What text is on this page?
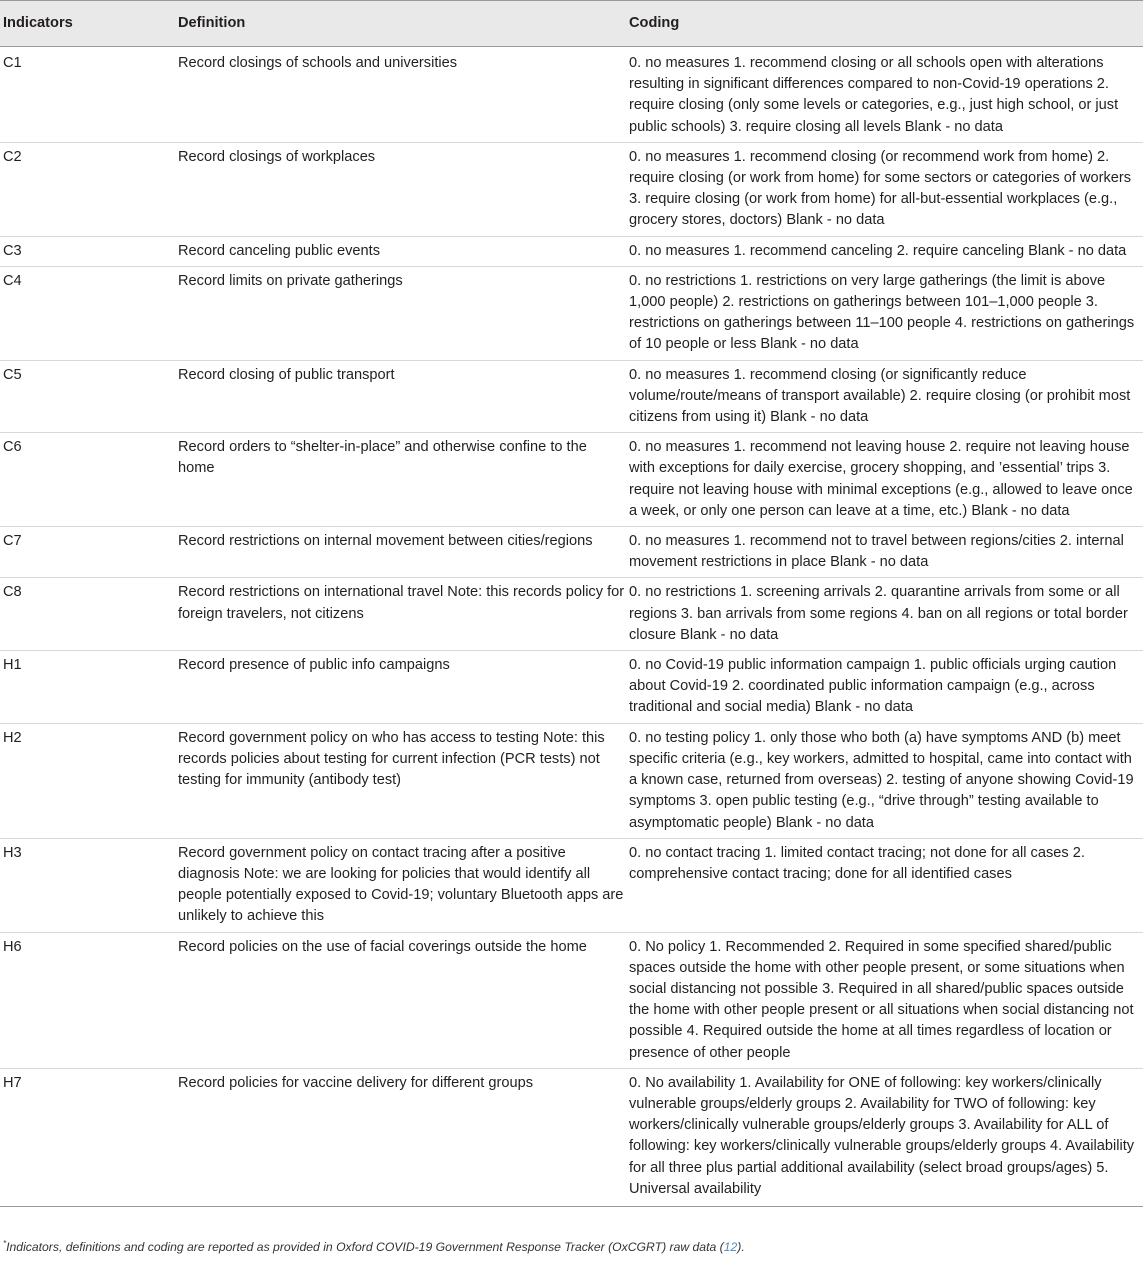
Indicators	Definition	Coding
C1	Record closings of schools and universities	0. no measures 1. recommend closing or all schools open with alterations resulting in significant differences compared to non-Covid-19 operations 2. require closing (only some levels or categories, e.g., just high school, or just public schools) 3. require closing all levels Blank - no data
C2	Record closings of workplaces	0. no measures 1. recommend closing (or recommend work from home) 2. require closing (or work from home) for some sectors or categories of workers 3. require closing (or work from home) for all-but-essential workplaces (e.g., grocery stores, doctors) Blank - no data
C3	Record canceling public events	0. no measures 1. recommend canceling 2. require canceling Blank - no data
C4	Record limits on private gatherings	0. no restrictions 1. restrictions on very large gatherings (the limit is above 1,000 people) 2. restrictions on gatherings between 101–1,000 people 3. restrictions on gatherings between 11–100 people 4. restrictions on gatherings of 10 people or less Blank - no data
C5	Record closing of public transport	0. no measures 1. recommend closing (or significantly reduce volume/route/means of transport available) 2. require closing (or prohibit most citizens from using it) Blank - no data
C6	Record orders to “shelter-in-place” and otherwise confine to the home	0. no measures 1. recommend not leaving house 2. require not leaving house with exceptions for daily exercise, grocery shopping, and ’essential’ trips 3. require not leaving house with minimal exceptions (e.g., allowed to leave once a week, or only one person can leave at a time, etc.) Blank - no data
C7	Record restrictions on internal movement between cities/regions	0. no measures 1. recommend not to travel between regions/cities 2. internal movement restrictions in place Blank - no data
C8	Record restrictions on international travel Note: this records policy for foreign travelers, not citizens	0. no restrictions 1. screening arrivals 2. quarantine arrivals from some or all regions 3. ban arrivals from some regions 4. ban on all regions or total border closure Blank - no data
H1	Record presence of public info campaigns	0. no Covid-19 public information campaign 1. public officials urging caution about Covid-19 2. coordinated public information campaign (e.g., across traditional and social media) Blank - no data
H2	Record government policy on who has access to testing Note: this records policies about testing for current infection (PCR tests) not testing for immunity (antibody test)	0. no testing policy 1. only those who both (a) have symptoms AND (b) meet specific criteria (e.g., key workers, admitted to hospital, came into contact with a known case, returned from overseas) 2. testing of anyone showing Covid-19 symptoms 3. open public testing (e.g., “drive through” testing available to asymptomatic people) Blank - no data
H3	Record government policy on contact tracing after a positive diagnosis Note: we are looking for policies that would identify all people potentially exposed to Covid-19; voluntary Bluetooth apps are unlikely to achieve this	0. no contact tracing 1. limited contact tracing; not done for all cases 2. comprehensive contact tracing; done for all identified cases
H6	Record policies on the use of facial coverings outside the home	0. No policy 1. Recommended 2. Required in some specified shared/public spaces outside the home with other people present, or some situations when social distancing not possible 3. Required in all shared/public spaces outside the home with other people present or all situations when social distancing not possible 4. Required outside the home at all times regardless of location or presence of other people
H7	Record policies for vaccine delivery for different groups	0. No availability 1. Availability for ONE of following: key workers/clinically vulnerable groups/elderly groups 2. Availability for TWO of following: key workers/clinically vulnerable groups/elderly groups 3. Availability for ALL of following: key workers/clinically vulnerable groups/elderly groups 4. Availability for all three plus partial additional availability (select broad groups/ages) 5. Universal availability
*Indicators, definitions and coding are reported as provided in Oxford COVID-19 Government Response Tracker (OxCGRT) raw data (12).
